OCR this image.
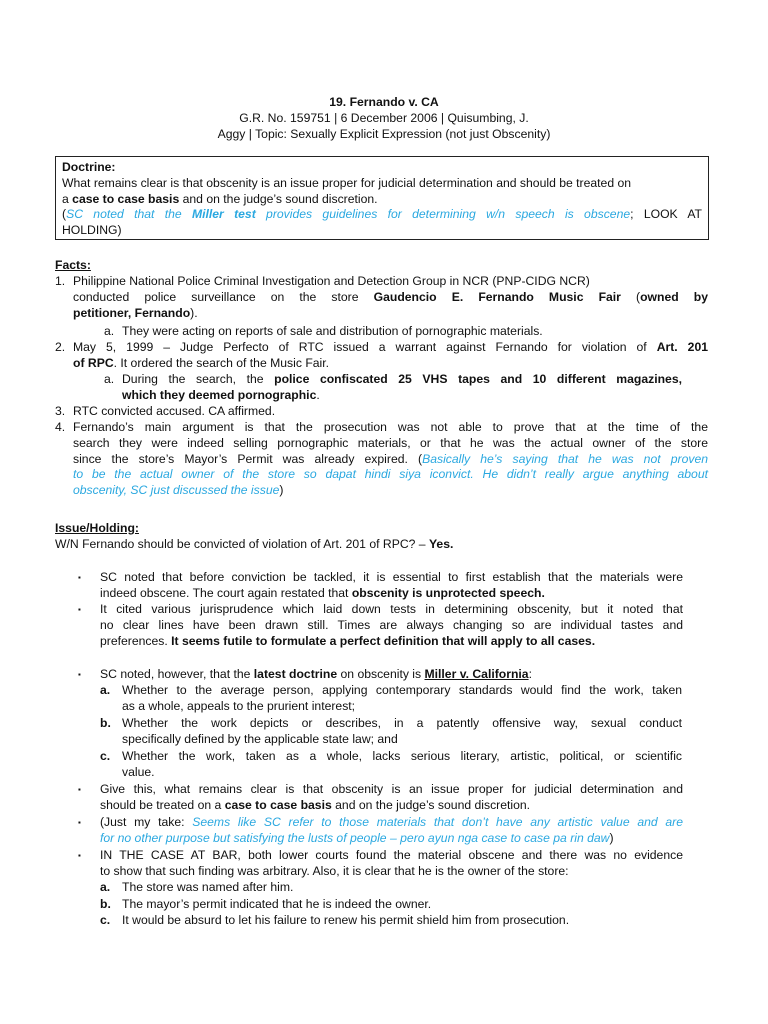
19. Fernando v. CA
G.R. No. 159751 | 6 December 2006 | Quisumbing, J.
Aggy | Topic: Sexually Explicit Expression (not just Obscenity)
Doctrine:
What remains clear is that obscenity is an issue proper for judicial determination and should be treated on
a case to case basis and on the judge’s sound discretion.
(SC noted that the Miller test provides guidelines for determining w/n speech is obscene; LOOK AT
HOLDING)
Facts:
1. Philippine National Police Criminal Investigation and Detection Group in NCR (PNP-CIDG NCR)
conducted police surveillance on the store Gaudencio E. Fernando Music Fair (owned by
petitioner, Fernando).
a. They were acting on reports of sale and distribution of pornographic materials.
2. May 5, 1999 – Judge Perfecto of RTC issued a warrant against Fernando for violation of Art. 201
of RPC. It ordered the search of the Music Fair.
a. During the search, the police confiscated 25 VHS tapes and 10 different magazines,
which they deemed pornographic.
3. RTC convicted accused. CA affirmed.
4. Fernando’s main argument is that the prosecution was not able to prove that at the time of the
search they were indeed selling pornographic materials, or that he was the actual owner of the store
since the store’s Mayor’s Permit was already expired. (Basically he’s saying that he was not proven
to be the actual owner of the store so dapat hindi siya iconvict. He didn’t really argue anything about
obscenity, SC just discussed the issue)
Issue/Holding:
W/N Fernando should be convicted of violation of Art. 201 of RPC? – Yes.
▪ SC noted that before conviction be tackled, it is essential to first establish that the materials were
indeed obscene. The court again restated that obscenity is unprotected speech.
▪ It cited various jurisprudence which laid down tests in determining obscenity, but it noted that
no clear lines have been drawn still. Times are always changing so are individual tastes and
preferences. It seems futile to formulate a perfect definition that will apply to all cases.
▪ SC noted, however, that the latest doctrine on obscenity is Miller v. California:
a. Whether to the average person, applying contemporary standards would find the work, taken
as a whole, appeals to the prurient interest;
b. Whether the work depicts or describes, in a patently offensive way, sexual conduct
specifically defined by the applicable state law; and
c. Whether the work, taken as a whole, lacks serious literary, artistic, political, or scientific
value.
▪ Give this, what remains clear is that obscenity is an issue proper for judicial determination and
should be treated on a case to case basis and on the judge’s sound discretion.
▪ (Just my take: Seems like SC refer to those materials that don’t have any artistic value and are
for no other purpose but satisfying the lusts of people – pero ayun nga case to case pa rin daw)
▪ IN THE CASE AT BAR, both lower courts found the material obscene and there was no evidence
to show that such finding was arbitrary. Also, it is clear that he is the owner of the store:
a. The store was named after him.
b. The mayor’s permit indicated that he is indeed the owner.
c. It would be absurd to let his failure to renew his permit shield him from prosecution.
